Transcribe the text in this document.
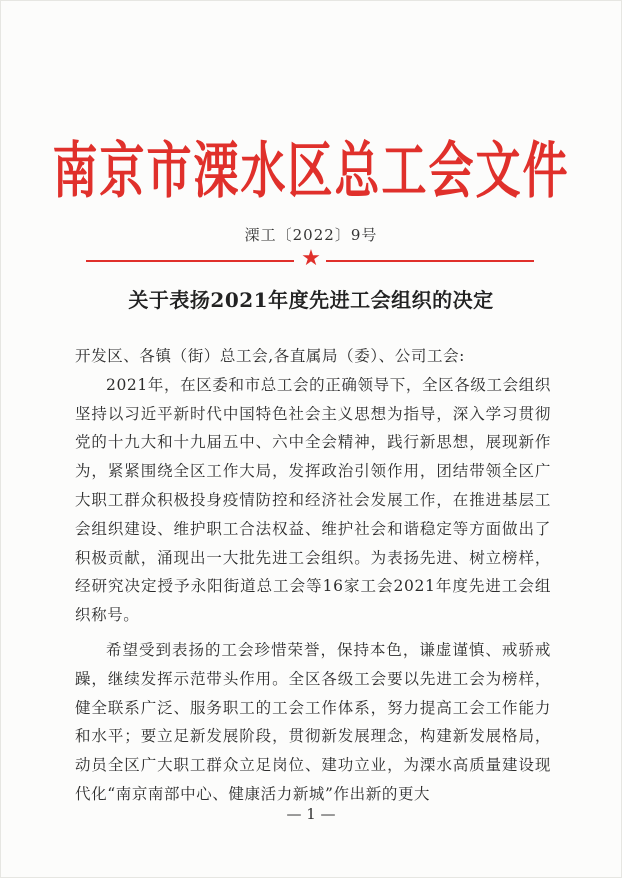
南京市溧水区总工会文件
溧工〔2022〕9号
★
关于表扬2021年度先进工会组织的决定

开发区、各镇（街）总工会,各直属局（委）、公司工会:

2021年，在区委和市总工会的正确领导下，全区各级工会组织坚持以习近平新时代中国特色社会主义思想为指导，深入学习贯彻党的十九大和十九届五中、六中全会精神，践行新思想，展现新作为，紧紧围绕全区工作大局，发挥政治引领作用，团结带领全区广大职工群众积极投身疫情防控和经济社会发展工作，在推进基层工会组织建设、维护职工合法权益、维护社会和谐稳定等方面做出了积极贡献，涌现出一大批先进工会组织。为表扬先进、树立榜样，经研究决定授予永阳街道总工会等16家工会2021年度先进工会组织称号。

希望受到表扬的工会珍惜荣誉，保持本色，谦虚谨慎、戒骄戒躁，继续发挥示范带头作用。全区各级工会要以先进工会为榜样，健全联系广泛、服务职工的工会工作体系，努力提高工会工作能力和水平；要立足新发展阶段，贯彻新发展理念，构建新发展格局，动员全区广大职工群众立足岗位、建功立业，为溧水高质量建设现代化“南京南部中心、健康活力新城”作出新的更大

— 1 —
